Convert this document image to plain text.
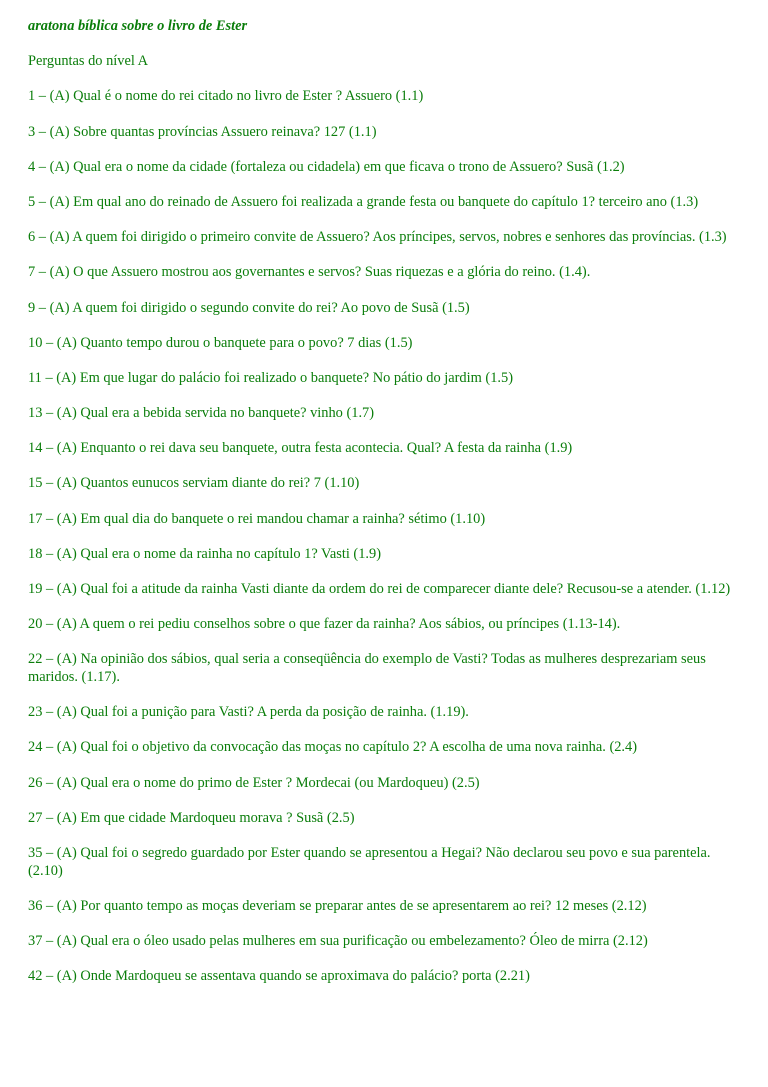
aratona bíblica sobre o livro de Ester
Perguntas do nível A
1 – (A) Qual é o nome do rei citado no livro de Ester ? Assuero (1.1)
3 – (A) Sobre quantas províncias Assuero reinava? 127 (1.1)
4 – (A) Qual era o nome da cidade (fortaleza ou cidadela) em que ficava o trono de Assuero? Susã (1.2)
5 – (A) Em qual ano do reinado de Assuero foi realizada a grande festa ou banquete do capítulo 1? terceiro ano (1.3)
6 – (A) A quem foi dirigido o primeiro convite de Assuero? Aos príncipes, servos, nobres e senhores das províncias. (1.3)
7 – (A) O que Assuero mostrou aos governantes e servos? Suas riquezas e a glória do reino. (1.4).
9 – (A) A quem foi dirigido o segundo convite do rei? Ao povo de Susã (1.5)
10 – (A) Quanto tempo durou o banquete para o povo? 7 dias (1.5)
11 – (A) Em que lugar do palácio foi realizado o banquete? No pátio do jardim (1.5)
13 – (A) Qual era a bebida servida no banquete? vinho (1.7)
14 – (A) Enquanto o rei dava seu banquete, outra festa acontecia. Qual? A festa da rainha (1.9)
15 – (A) Quantos eunucos serviam diante do rei? 7 (1.10)
17 – (A) Em qual dia do banquete o rei mandou chamar a rainha? sétimo (1.10)
18 – (A) Qual era o nome da rainha no capítulo 1? Vasti (1.9)
19 – (A) Qual foi a atitude da rainha Vasti diante da ordem do rei de comparecer diante dele? Recusou-se a atender. (1.12)
20 – (A) A quem o rei pediu conselhos sobre o que fazer da rainha? Aos sábios, ou príncipes (1.13-14).
22 – (A) Na opinião dos sábios, qual seria a conseqüência do exemplo de Vasti? Todas as mulheres desprezariam seus maridos. (1.17).
23 – (A) Qual foi a punição para Vasti? A perda da posição de rainha. (1.19).
24 – (A) Qual foi o objetivo da convocação das moças no capítulo 2? A escolha de uma nova rainha. (2.4)
26 – (A) Qual era o nome do primo de Ester ? Mordecai (ou Mardoqueu) (2.5)
27 – (A) Em que cidade Mardoqueu morava ? Susã (2.5)
35 – (A) Qual foi o segredo guardado por Ester quando se apresentou a Hegai? Não declarou seu povo e sua parentela. (2.10)
36 – (A) Por quanto tempo as moças deveriam se preparar antes de se apresentarem ao rei? 12 meses (2.12)
37 – (A) Qual era o óleo usado pelas mulheres em sua purificação ou embelezamento? Óleo de mirra (2.12)
42 – (A) Onde Mardoqueu se assentava quando se aproximava do palácio? porta (2.21)
